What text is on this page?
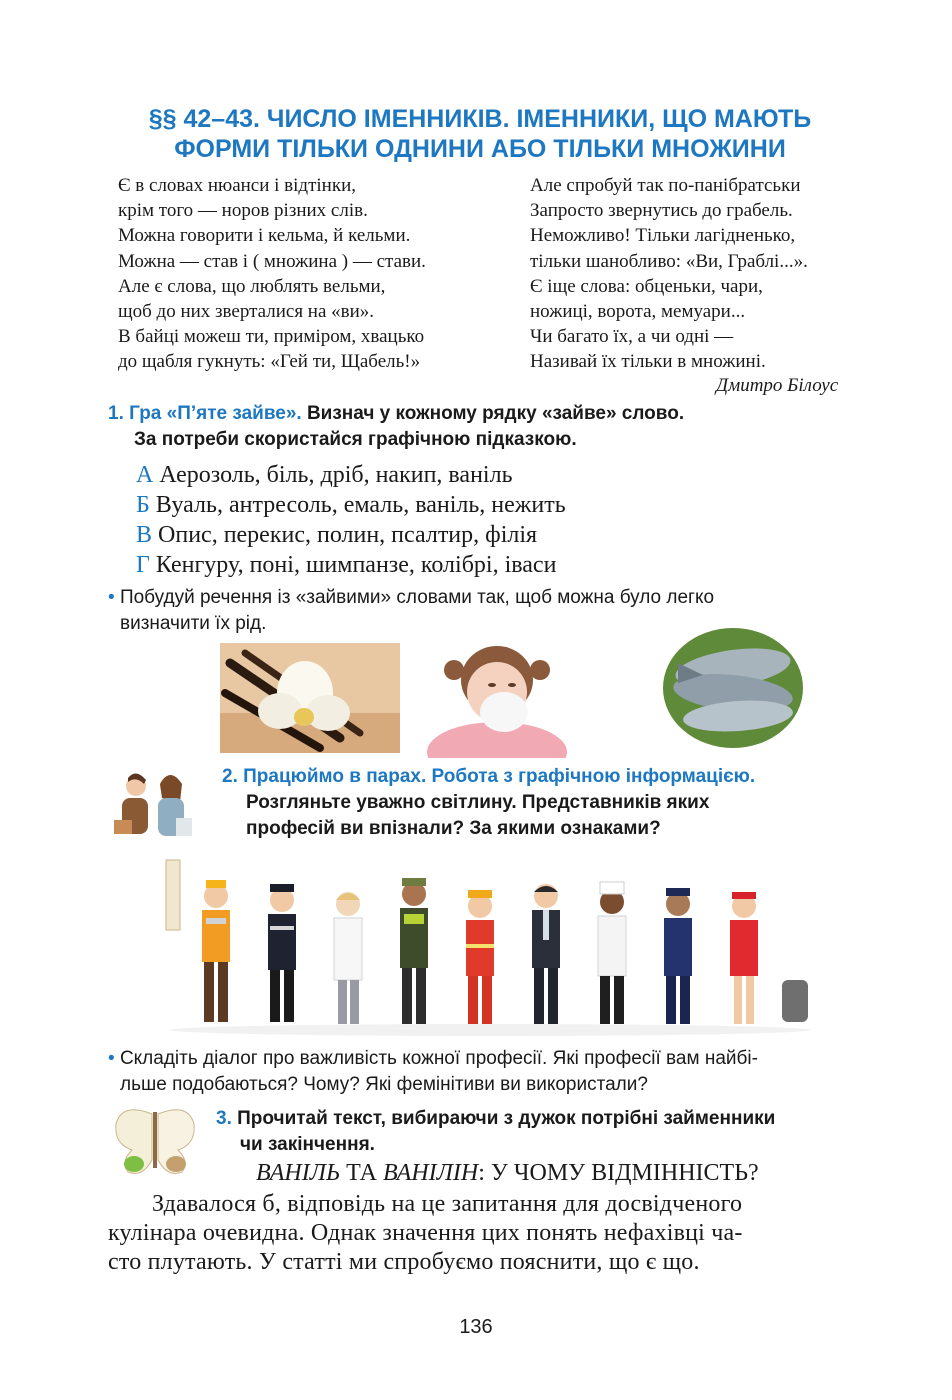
§§ 42–43. ЧИСЛО ІМЕННИКІВ. ІМЕННИКИ, ЩО МАЮТЬ
ФОРМИ ТІЛЬКИ ОДНИНИ АБО ТІЛЬКИ МНОЖИНИ
Є в словах нюанси і відтінки,
крім того — норов різних слів.
Можна говорити і кельма, й кельми.
Можна — став і ( множина ) — стави.
Але є слова, що люблять вельми,
щоб до них зверталися на «ви».
В байці можеш ти, приміром, хвацько
до щабля гукнуть: «Гей ти, Щабель!»
Але спробуй так по-панібратськи
Запросто звернутись до грабель.
Неможливо! Тільки лагідненько,
тільки шанобливо: «Ви, Граблі...».
Є іще слова: обценьки, чари,
ножиці, ворота, мемуари...
Чи багато їх, а чи одні —
Називай їх тільки в множині.
Дмитро Білоус
1. Гра «П’яте зайве». Визнач у кожному рядку «зайве» слово.
За потреби скористайся графічною підказкою.
А Аерозоль, біль, дріб, накип, ваніль
Б Вуаль, антресоль, емаль, ваніль, нежить
В Опис, перекис, полин, псалтир, філія
Г Кенгуру, поні, шимпанзе, колібрі, іваси
• Побудуй речення із «зайвими» словами так, щоб можна було легко
визначити їх рід.
2. Працюймо в парах. Робота з графічною інформацією.
Розгляньте уважно світлину. Представників яких
професій ви впізнали? За якими ознаками?
• Складіть діалог про важливість кожної професії. Які професії вам найбі-
льше подобаються? Чому? Які фемінітиви ви використали?
3. Прочитай текст, вибираючи з дужок потрібні займенники
чи закінчення.
ВАНІЛЬ ТА ВАНІЛІН: У ЧОМУ ВІДМІННІСТЬ?
Здавалося б, відповідь на це запитання для досвідченого
кулінара очевидна. Однак значення цих понять нефахівці ча-
сто плутають. У статті ми спробуємо пояснити, що є що.
136
